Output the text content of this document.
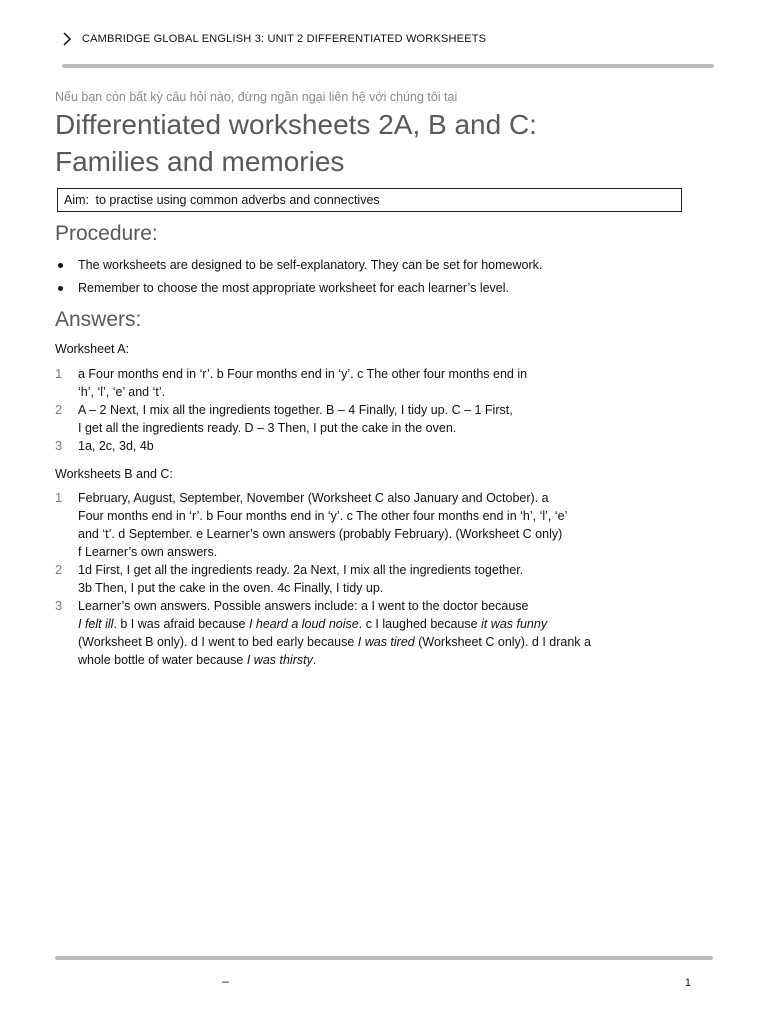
CAMBRIDGE GLOBAL ENGLISH 3: UNIT 2 DIFFERENTIATED WORKSHEETS
Nếu bạn còn bất kỳ câu hỏi nào, đừng ngần ngại liên hệ với chúng tôi tại
Differentiated worksheets 2A, B and C:
Families and memories
Aim: to practise using common adverbs and connectives
Procedure:
The worksheets are designed to be self-explanatory. They can be set for homework.
Remember to choose the most appropriate worksheet for each learner’s level.
Answers:
Worksheet A:
1 a Four months end in ‘r’. b Four months end in ‘y’. c The other four months end in
‘h’, ‘l’, ‘e’ and ‘t’.
2 A – 2 Next, I mix all the ingredients together. B – 4 Finally, I tidy up. C – 1 First,
I get all the ingredients ready. D – 3 Then, I put the cake in the oven.
3 1a, 2c, 3d, 4b
Worksheets B and C:
1 February, August, September, November (Worksheet C also January and October). a
Four months end in ‘r’. b Four months end in ‘y’. c The other four months end in ‘h’, ‘l’, ‘e’
and ‘t’. d September. e Learner’s own answers (probably February). (Worksheet C only)
f Learner’s own answers.
2 1d First, I get all the ingredients ready. 2a Next, I mix all the ingredients together.
3b Then, I put the cake in the oven. 4c Finally, I tidy up.
3 Learner’s own answers. Possible answers include: a I went to the doctor because
I felt ill. b I was afraid because I heard a loud noise. c I laughed because it was funny
(Worksheet B only). d I went to bed early because I was tired (Worksheet C only). d I drank a
whole bottle of water because I was thirsty.
–	1
